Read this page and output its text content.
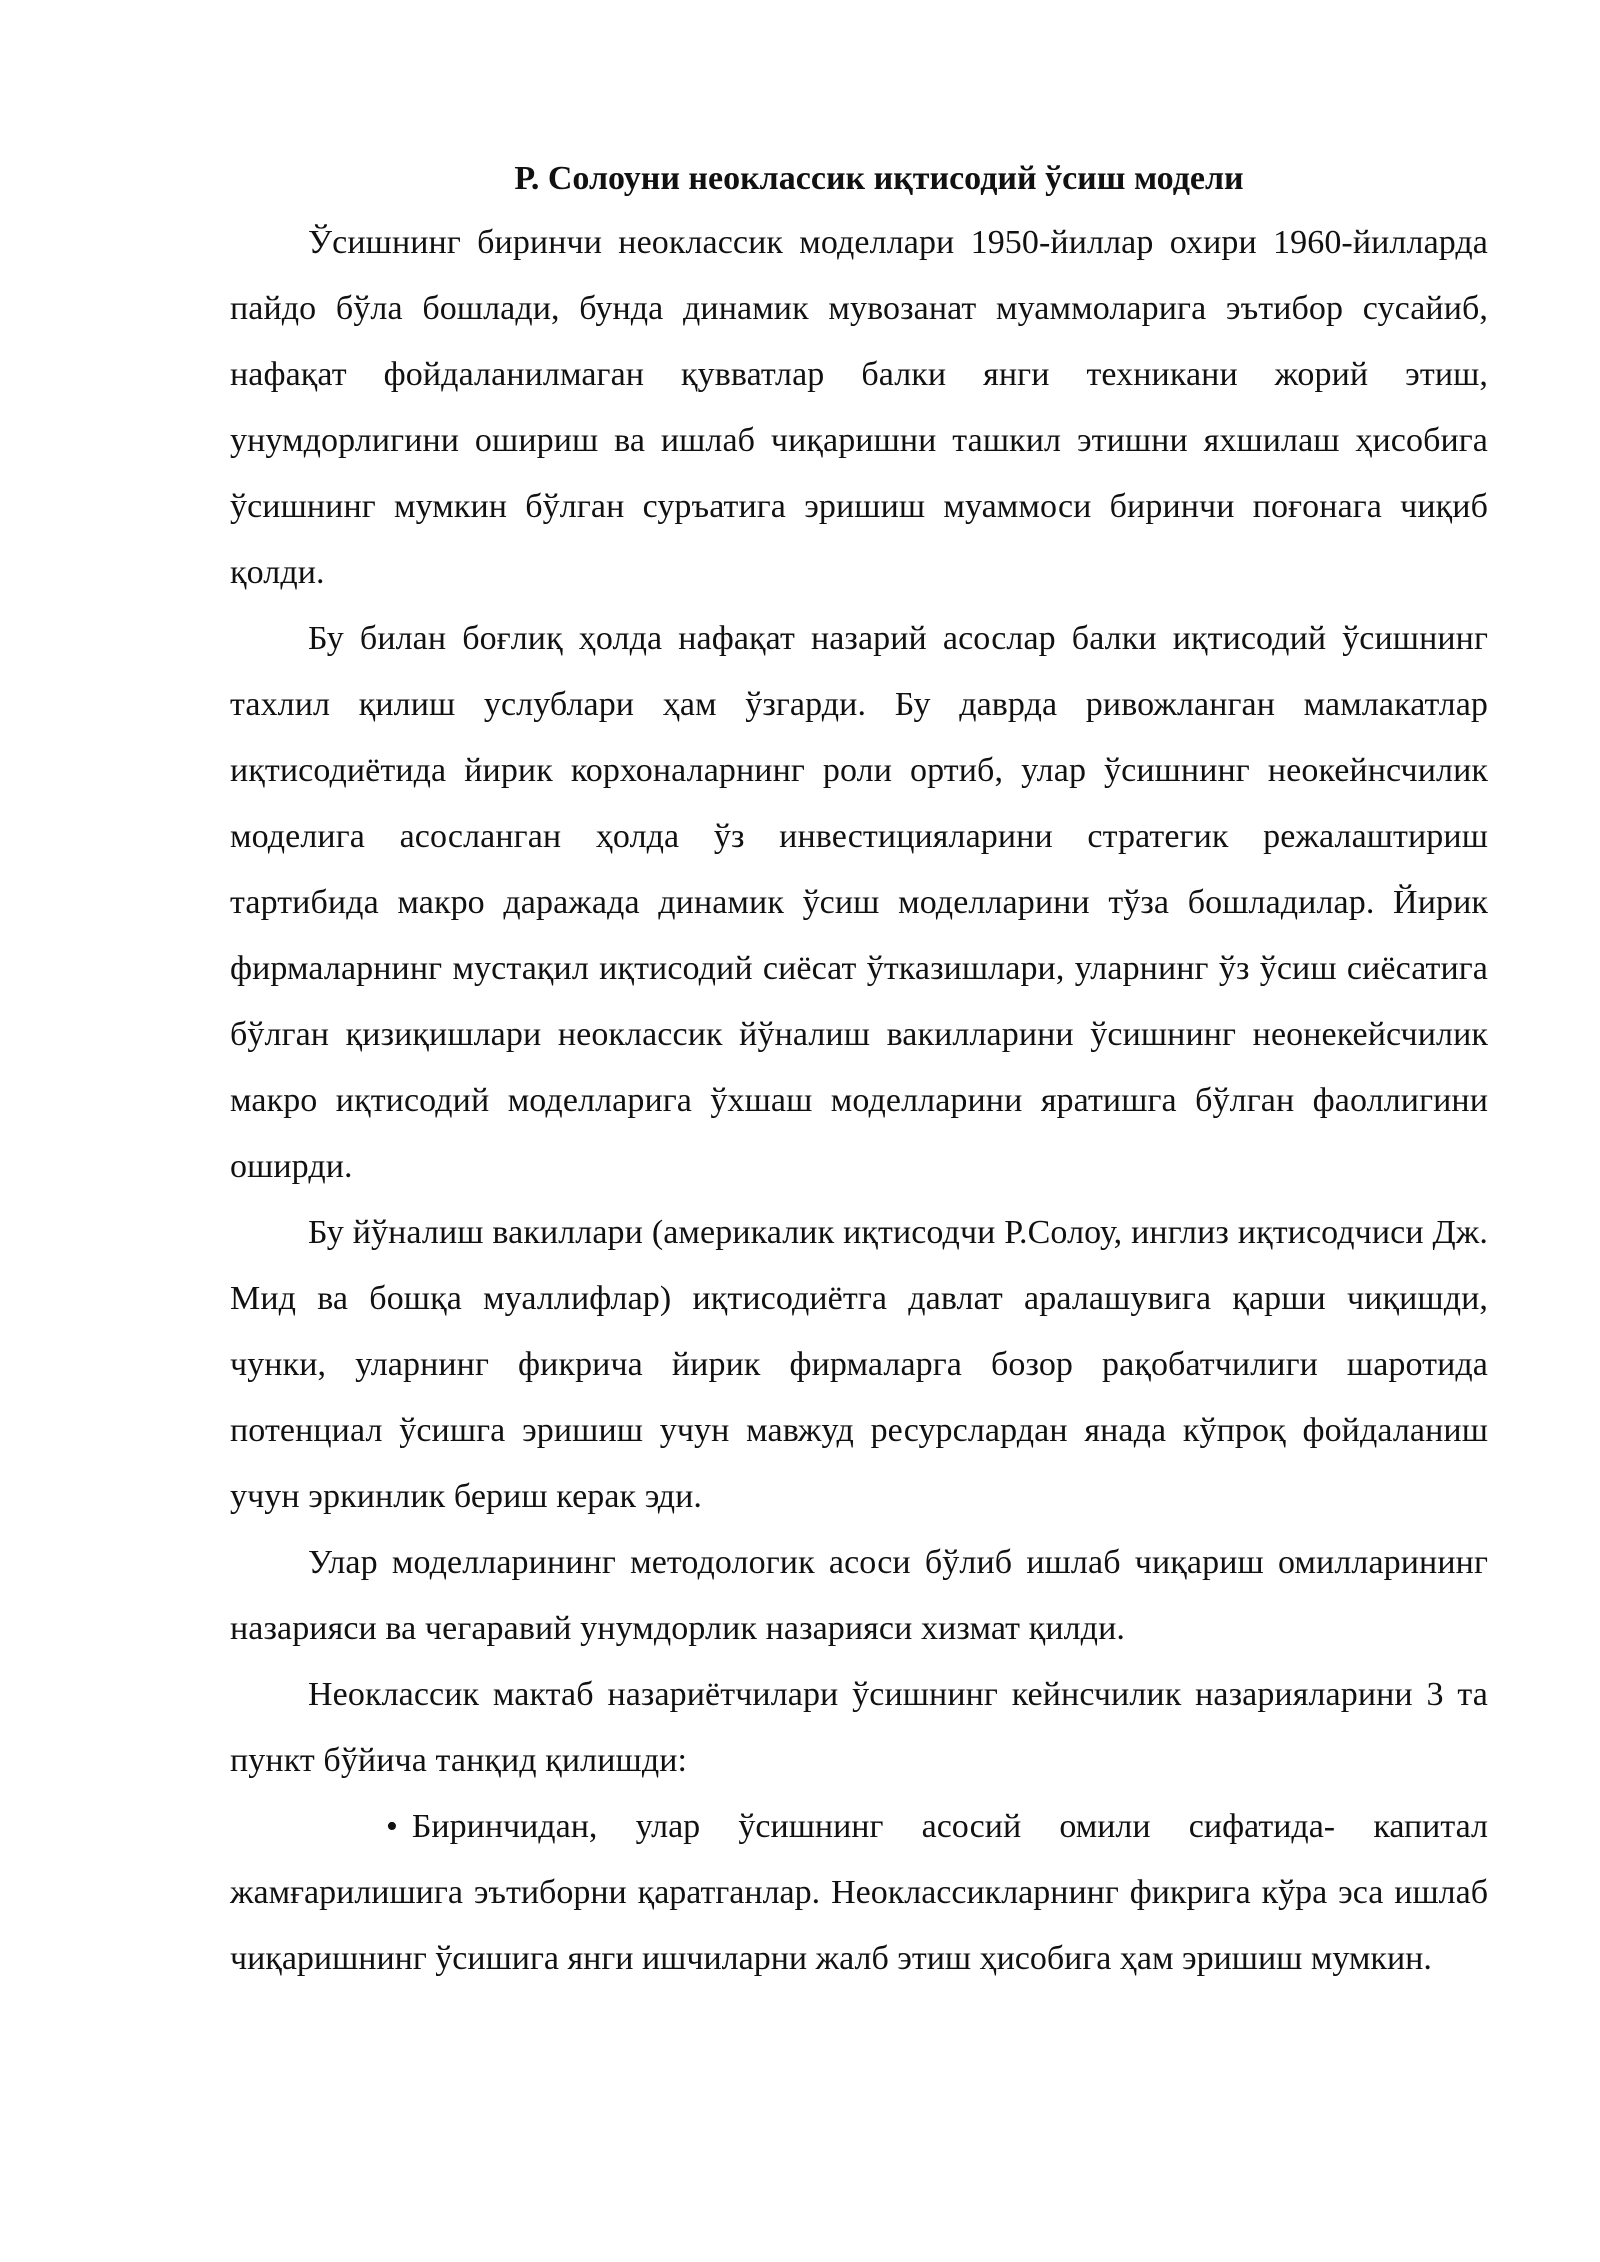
Р. Солоуни неоклассик иқтисодий ўсиш модели

Ўсишнинг биринчи неоклассик моделлари 1950-йиллар охири 1960-йилларда пайдо бўла бошлади, бунда динамик мувозанат муаммоларига эътибор сусайиб, нафақат фойдаланилмаган қувватлар балки янги техникани жорий этиш, унумдорлигини ошириш ва ишлаб чиқаришни ташкил этишни яхшилаш ҳисобига ўсишнинг мумкин бўлган суръатига эришиш муаммоси биринчи поғонага чиқиб қолди.

Бу билан боғлиқ ҳолда нафақат назарий асослар балки иқтисодий ўсишнинг тахлил қилиш услублари ҳам ўзгарди. Бу даврда ривожланган мамлакатлар иқтисодиётида йирик корхоналарнинг роли ортиб, улар ўсишнинг неокейнсчилик моделига асосланган ҳолда ўз инвестицияларини стратегик режалаштириш тартибида макро даражада динамик ўсиш моделларини тўза бошладилар. Йирик фирмаларнинг мустақил иқтисодий сиёсат ўтказишлари, уларнинг ўз ўсиш сиёсатига бўлган қизиқишлари неоклассик йўналиш вакилларини ўсишнинг неонекейсчилик макро иқтисодий моделларига ўхшаш моделларини яратишга бўлган фаоллигини оширди.

Бу йўналиш вакиллари (америкалик иқтисодчи Р.Солоу, инглиз иқтисодчиси Дж. Мид ва бошқа муаллифлар) иқтисодиётга давлат аралашувига қарши чиқишди, чунки, уларнинг фикрича йирик фирмаларга бозор рақобатчилиги шаротида потенциал ўсишга эришиш учун мавжуд ресурслардан янада кўпроқ фойдаланиш учун эркинлик бериш керак эди.

Улар моделларининг методологик асоси бўлиб ишлаб чиқариш омилларининг назарияси ва чегаравий унумдорлик назарияси хизмат қилди.

Неоклассик мактаб назариётчилари ўсишнинг кейнсчилик назарияларини 3 та пункт бўйича танқид қилишди:

• Биринчидан, улар ўсишнинг асосий омили сифатида- капитал жамғарилишига эътиборни қаратганлар. Неоклассикларнинг фикрига кўра эса ишлаб чиқаришнинг ўсишига янги ишчиларни жалб этиш ҳисобига ҳам эришиш мумкин.
